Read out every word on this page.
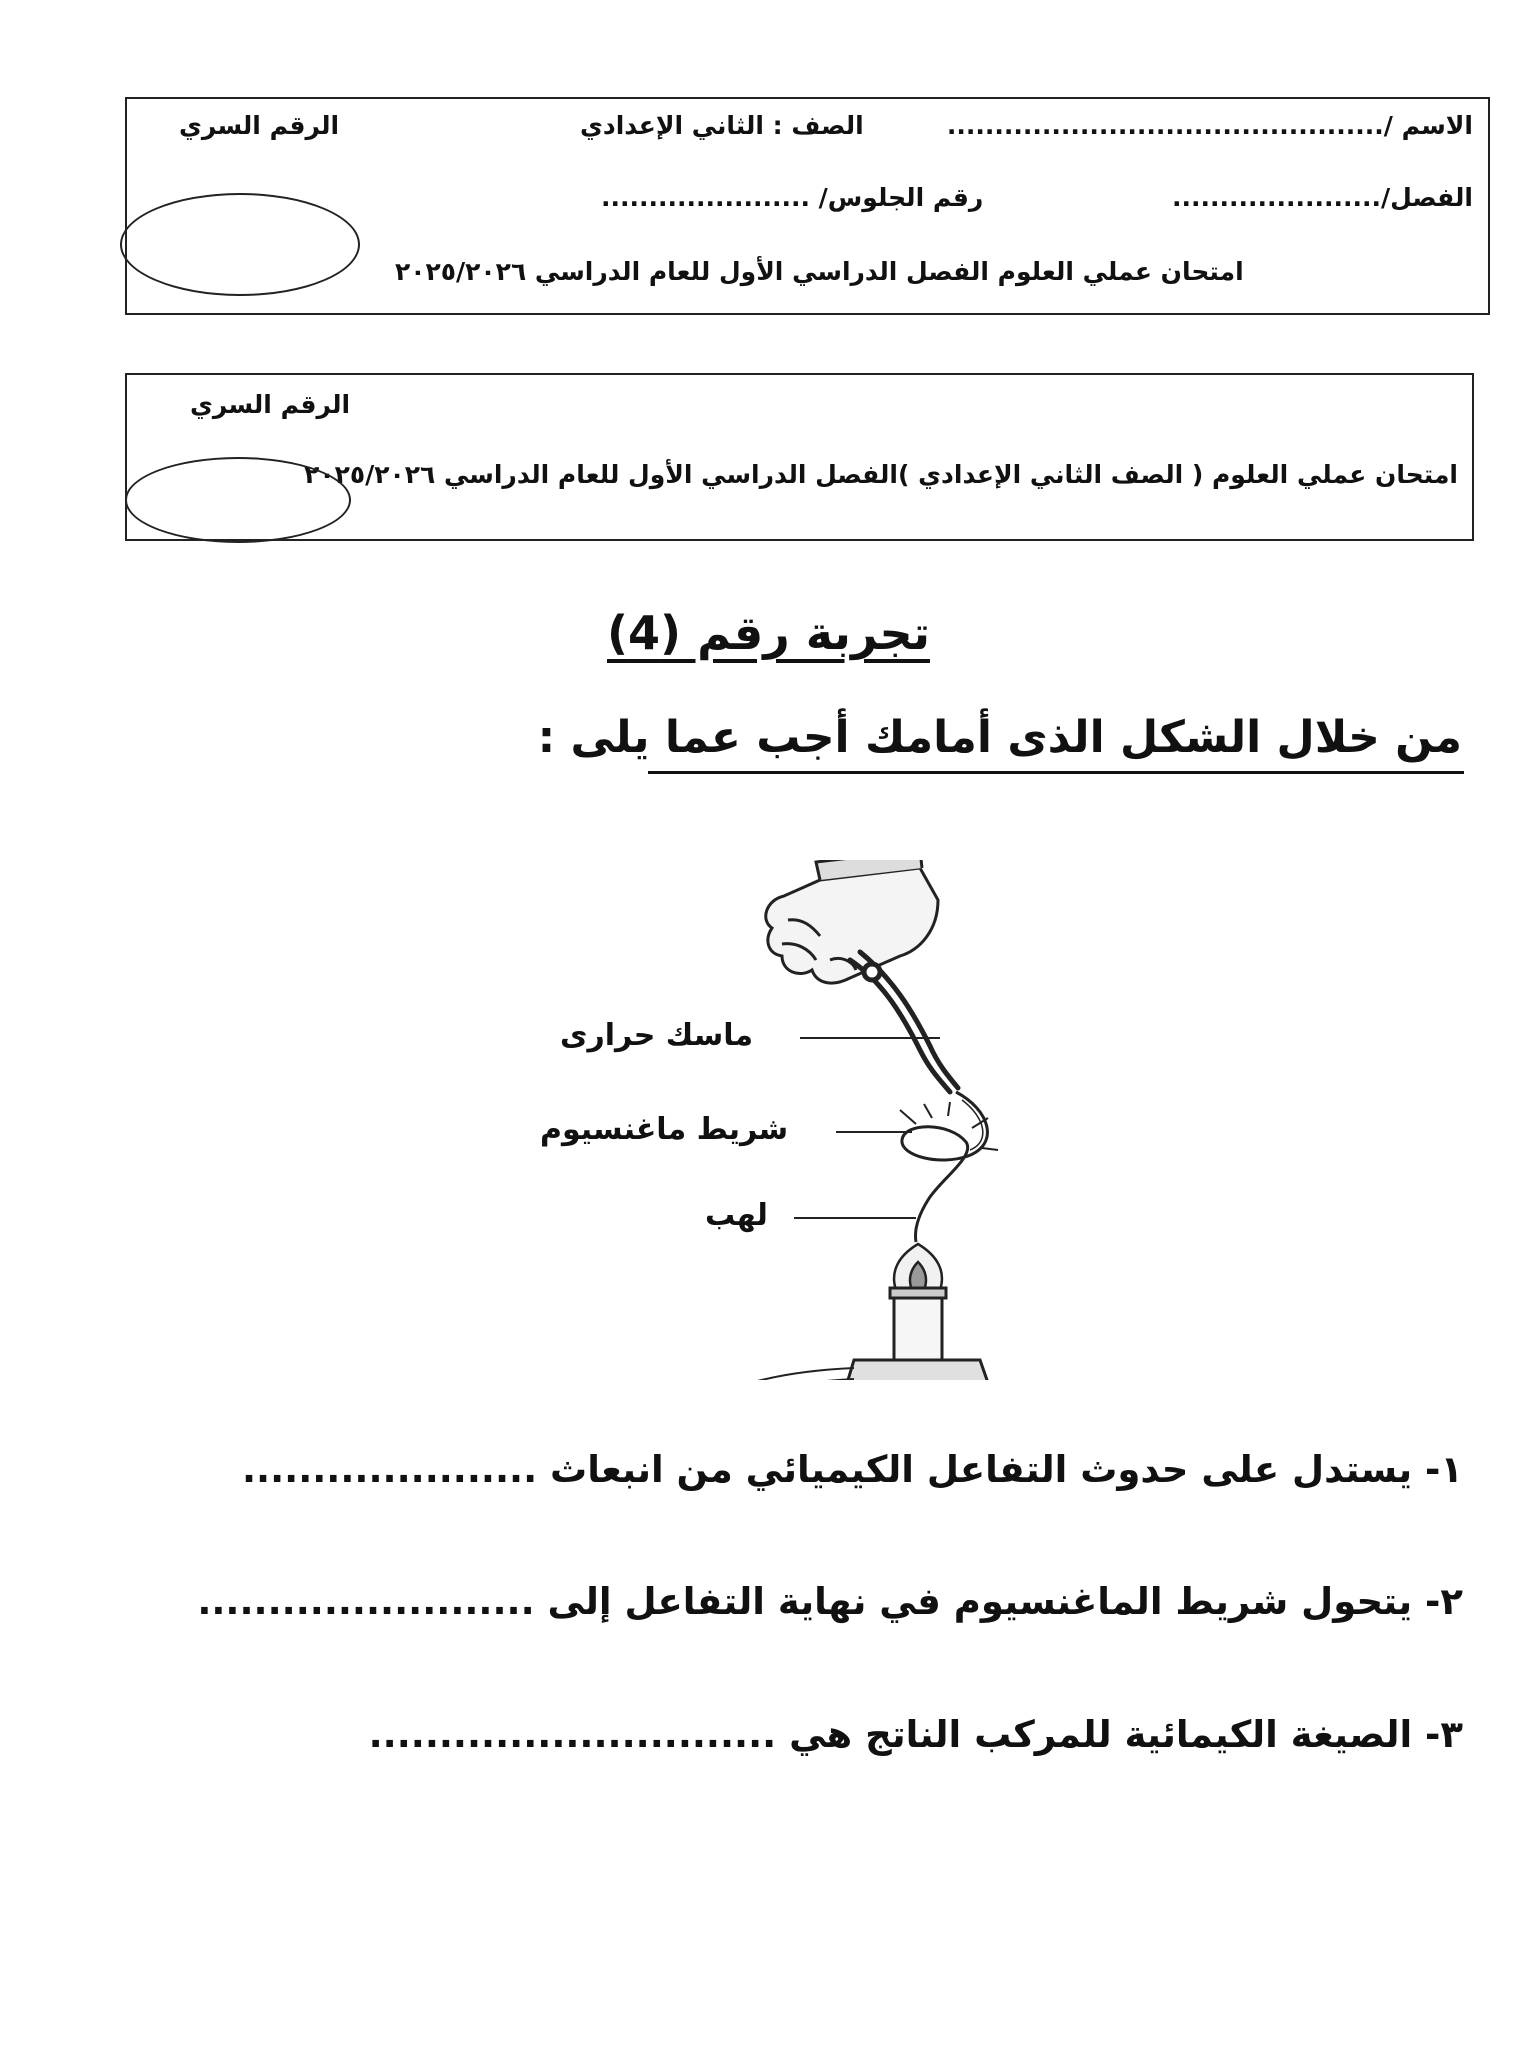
الاسم /..............................................
الصف : الثاني الإعدادي
الرقم السري
الفصل/......................
رقم الجلوس/ ......................
امتحان عملي العلوم الفصل الدراسي الأول للعام الدراسي ٢٠٢٥/٢٠٢٦
الرقم السري
امتحان عملي العلوم ( الصف الثاني الإعدادي )الفصل الدراسي الأول للعام الدراسي ٢٠٢٥/٢٠٢٦
تجربة رقم (4)
من خلال الشكل الذى أمامك أجب عما يلى :
ماسك حرارى
شريط ماغنسيوم
لهب
١- يستدل على حدوث التفاعل الكيميائي من انبعاث .....................
٢- يتحول شريط الماغنسيوم في نهاية التفاعل إلى ........................
٣- الصيغة الكيمائية للمركب الناتج هي .............................
